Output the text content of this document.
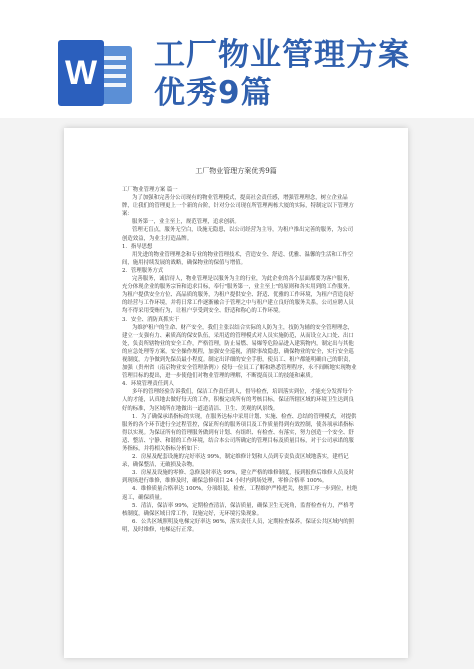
W 工厂物业管理方案
优秀9篇
工厂物业管理方案优秀9篇

工厂物业管理方案 篇一

为了加强和完善分公司现有的物业管理模式，提高社会责任感，增强管理理念，树立企业品牌，让我们的管理更上一个新的台阶，针对分公司现在所管理两栋大厦的实际，特制定以下管理方案：

服务第一，业主至上，规范管理，追求创新。

管理无盲点，服务无空白，设施无隐患，以公司经营为主导，为租户推出完善的服务，为公司创造效益，为业主打造品牌。

1．指导思想

用先进的物业管理理念和专业的物业管理技术，营造安全、舒适、优雅、温馨的生活和工作空间，施用持续发展的战略，确保物业的保值与增值。

2．管理服务方式

完善服务，诚信待人，物业管理是以服务为主的行业，为此企业的各个层面都要为客户服务，充分体现企业的服务宗旨和追求目标，奉行"服务第一，业主至上"的原则和各实用到的工作服务。为租户提供安全方位、高品质的服务，为租户提供安全、舒适、优雅的工作环境，为租户营造良好的经营与工作环境，并将日常工作逐渐融合于管理之中与租户建立良好的服务关系，公司应聘人员均不得采用受贿行为，让租户享受到安全、舒适和称心的工作环境。

3．安全、消防真抓实干

为维护租户的生命、财产安全，我们主张以结合实际的人防为主，技防为辅的安全管理理念，建立一支强有力、素质高的保安队伍，采用适的管理模式对人员实施防范，从而设立入口处、出口处，负责所辖物业的安全工作，严格管理，防止易燃、易爆等危险品进入建筑物内，制定出与其他的应急处理等方案，安全操作规程，加强安全巡视，消除事故隐患，确保物业的安全，实行安全巡视制度，力争做到先保员最小程度。制定出详细的安全手册，使员工、租户都能明确自己的职责，加强（贵州省（南京物业安全管理条例））使每一位员工了解和熟悉管理程序，永不间断地实现物业管理目标的提出，进一步使他们对物业管理的理解，不断提高员工的技能和素质。

4．环境管理责任到人

多年的管理经验告诉我们，保洁工作责任到人，督导检查，培训落实到位，才能充分发挥每个人的才能，认真地去做好每天的工作，积极完成所有的考核目标，保证所辖区域的环境卫生达到良好的标准，为区域所在地做出一道道清洁、卫生、美观的风景线。

1．为了确保承诺指标的实现，在服务达标中采用计划、实施、检查、总结的管理模式，对提供服务的各个环节进行全过程管控，保证所有的服务项目及工作质量得到有效控制，使各项承诺指标得以实现。为保证所有的管理服务做到有计划、有组织、有检查、有落实，努力创造一个安全、舒适、整洁、宁静、和谐的工作环境，结合本公司所确定的管理目标及质量目标，对于公司承诺的服务指标，并将相关指标分析如下：

2．房屋及配套设施的完好率达 99%，制定维修计划和人员到专责负责区域地落实，建档记录，确保整洁，无破损及杂物。

3．房屋及设施的零修、急修及时率达 99%，建立严格的维修制度，接到报修后维修人员及时到现场进行维修，维修及时，确保急修项目 24 小时内到场处理，零修合格率 100%。

4．维修质量合格率达 100%，分项组装，检查，工程维护严格把关，按照工序一步到位，杜绝返工，确保质量。

5．清洁，保洁率 99%，定期检查清洁，保洁质量，确保卫生无死角，监督检查有力，严格考核制度，确保区域日常工作，设施完好，无环境污染现象。

6．公共区域照明及电梯完好率达 96%，落实责任人员，定期检查保养，保证公共区域内的照明，及时维修，电梯运行正常。
